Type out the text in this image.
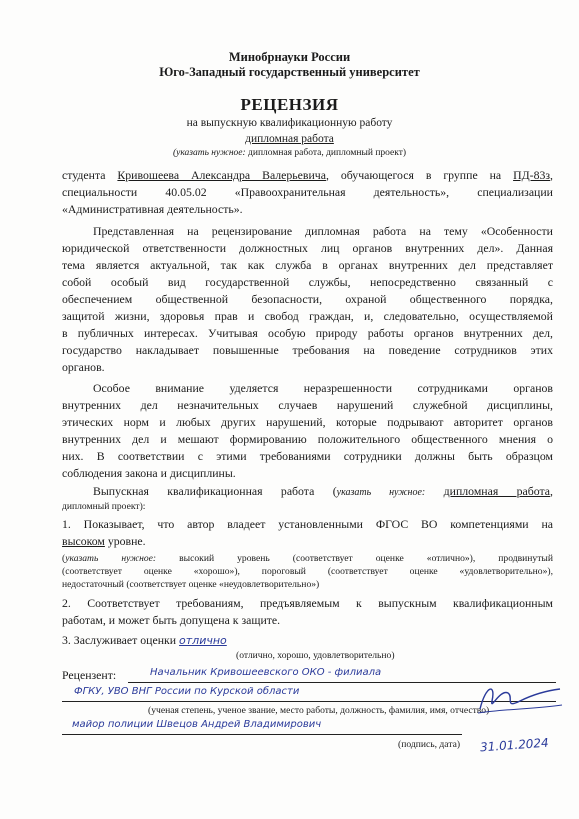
Минобрнауки России
Юго-Западный государственный университет
РЕЦЕНЗИЯ
на выпускную квалификационную работу
дипломная работа
(указать нужное: дипломная работа, дипломный проект)
студента Кривошеева Александра Валерьевича, обучающегося в группе на ПД-83з,
специальности 40.05.02 «Правоохранительная деятельность», специализации
«Административная деятельность».
Представленная на рецензирование дипломная работа на тему «Особенности
юридической ответственности должностных лиц органов внутренних дел». Данная
тема является актуальной, так как служба в органах внутренних дел представляет
собой особый вид государственной службы, непосредственно связанный с
обеспечением общественной безопасности, охраной общественного порядка,
защитой жизни, здоровья прав и свобод граждан, и, следовательно, осуществляемой
в публичных интересах. Учитывая особую природу работы органов внутренних дел,
государство накладывает повышенные требования на поведение сотрудников этих
органов.
Особое внимание уделяется неразрешенности сотрудниками органов
внутренних дел незначительных случаев нарушений служебной дисциплины,
этических норм и любых других нарушений, которые подрывают авторитет органов
внутренних дел и мешают формированию положительного общественного мнения о
них. В соответствии с этими требованиями сотрудники должны быть образцом
соблюдения закона и дисциплины.
Выпускная квалификационная работа (указать нужное: дипломная работа,
дипломный проект):
1. Показывает, что автор владеет установленными ФГОС ВО компетенциями на
высоком уровне.
(указать нужное: высокий уровень (соответствует оценке «отлично»), продвинутый
(соответствует оценке «хорошо»), пороговый (соответствует оценке «удовлетворительно»),
недостаточный (соответствует оценке «неудовлетворительно»)
2. Соответствует требованиям, предъявляемым к выпускным квалификационным
работам, и может быть допущена к защите.
3. Заслуживает оценки отлично
(отлично, хорошо, удовлетворительно)
Рецензент:	Начальник Кривошеевского ОКО - филиала
ФГКУ, УВО ВНГ России по Курской области
(ученая степень, ученое звание, место работы, должность, фамилия, имя, отчество)
майор полиции Швецов Андрей Владимирович
(подпись, дата) 31.01.2024
